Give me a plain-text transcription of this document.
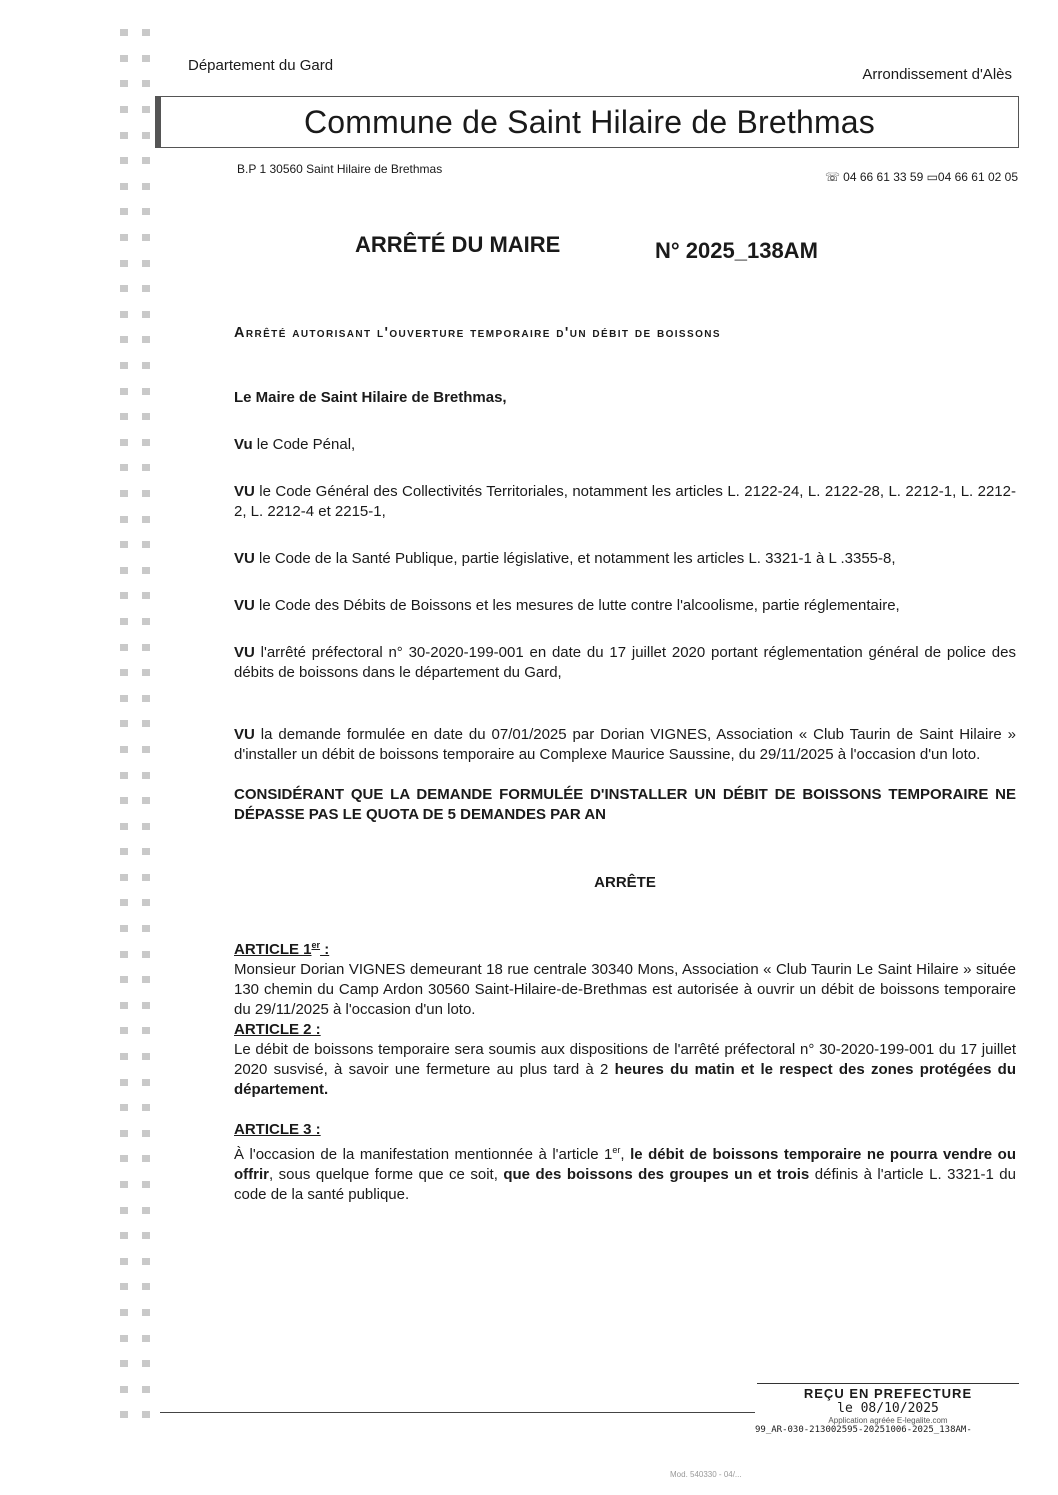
Département du Gard
Arrondissement d'Alès
Commune de Saint Hilaire de Brethmas
B.P 1 30560 Saint Hilaire de Brethmas
☏ 04 66 61 33 59 ▭04 66 61 02 05
ARRÊTÉ DU MAIRE	N° 2025_138AM
Arrêté autorisant l'ouverture temporaire d'un débit de boissons

Le Maire de Saint Hilaire de Brethmas,

Vu le Code Pénal,

VU le Code Général des Collectivités Territoriales, notamment les articles L. 2122-24, L. 2122-28, L. 2212-1, L. 2212-2, L. 2212-4 et 2215-1,

VU le Code de la Santé Publique, partie législative, et notamment les articles L. 3321-1 à L .3355-8,

VU le Code des Débits de Boissons et les mesures de lutte contre l'alcoolisme, partie réglementaire,

VU l'arrêté préfectoral n° 30-2020-199-001 en date du 17 juillet 2020 portant réglementation général de police des débits de boissons dans le département du Gard,

VU la demande formulée en date du 07/01/2025 par Dorian VIGNES, Association « Club Taurin de Saint Hilaire » d'installer un débit de boissons temporaire au Complexe Maurice Saussine, du 29/11/2025 à l'occasion d'un loto.

CONSIDÉRANT QUE LA DEMANDE FORMULÉE D'INSTALLER UN DÉBIT DE BOISSONS TEMPORAIRE NE DÉPASSE PAS LE QUOTA DE 5 DEMANDES PAR AN

ARRÊTE

ARTICLE 1er :

Monsieur Dorian VIGNES demeurant 18 rue centrale 30340 Mons, Association « Club Taurin Le Saint Hilaire » située 130 chemin du Camp Ardon 30560 Saint-Hilaire-de-Brethmas est autorisée à ouvrir un débit de boissons temporaire du 29/11/2025 à l'occasion d'un loto.

ARTICLE 2 :

Le débit de boissons temporaire sera soumis aux dispositions de l'arrêté préfectoral n° 30-2020-199-001 du 17 juillet 2020 susvisé, à savoir une fermeture au plus tard à 2 heures du matin et le respect des zones protégées du département.

ARTICLE 3 :

À l'occasion de la manifestation mentionnée à l'article 1er, le débit de boissons temporaire ne pourra vendre ou offrir, sous quelque forme que ce soit, que des boissons des groupes un et trois définis à l'article L. 3321-1 du code de la santé publique.

REÇU EN PREFECTURE
le 08/10/2025
Application agréée E-legalite.com
99_AR-030-213002595-20251006-2025_138AM-
Mod. 540330 - 04/...
